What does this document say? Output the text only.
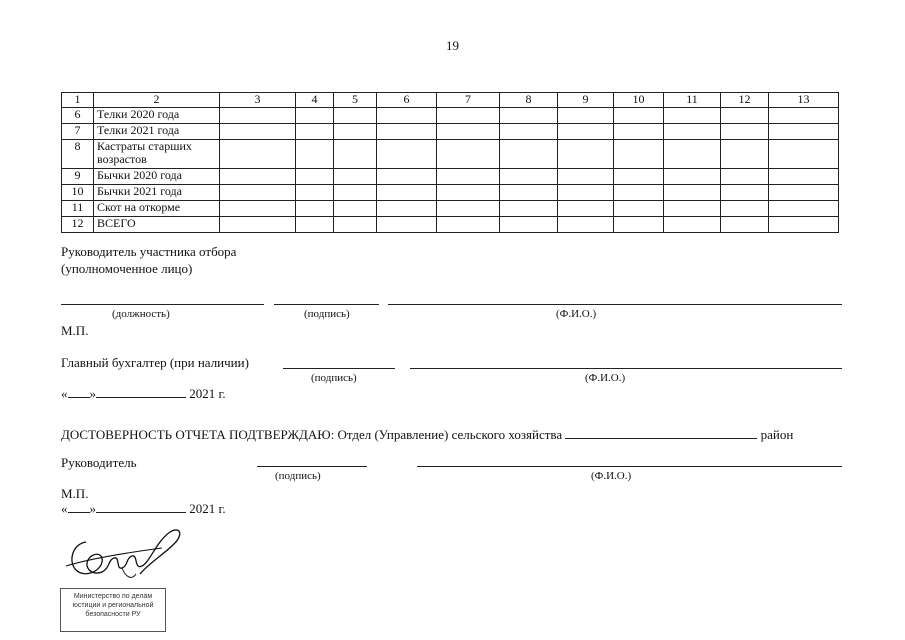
19
1	2	3	4	5	6	7	8	9	10	11	12	13
6	Телки 2020 года											
7	Телки 2021 года											
8	Кастраты старших
возрастов											
9	Бычки 2020 года											
10	Бычки 2021 года											
11	Скот на откорме											
12	ВСЕГО											
Руководитель участника отбора
(уполномоченное лицо)
(должность)	(подпись)	(Ф.И.О.)
М.П.
Главный бухгалтер (при наличии)
(подпись)	(Ф.И.О.)
« »	2021 г.
ДОСТОВЕРНОСТЬ ОТЧЕТА ПОДТВЕРЖДАЮ: Отдел (Управление) сельского хозяйства	район
Руководитель
(подпись)	(Ф.И.О.)
М.П.
« »	2021 г.
Министерство по делам
юстиции и региональной
безопасности РУ
